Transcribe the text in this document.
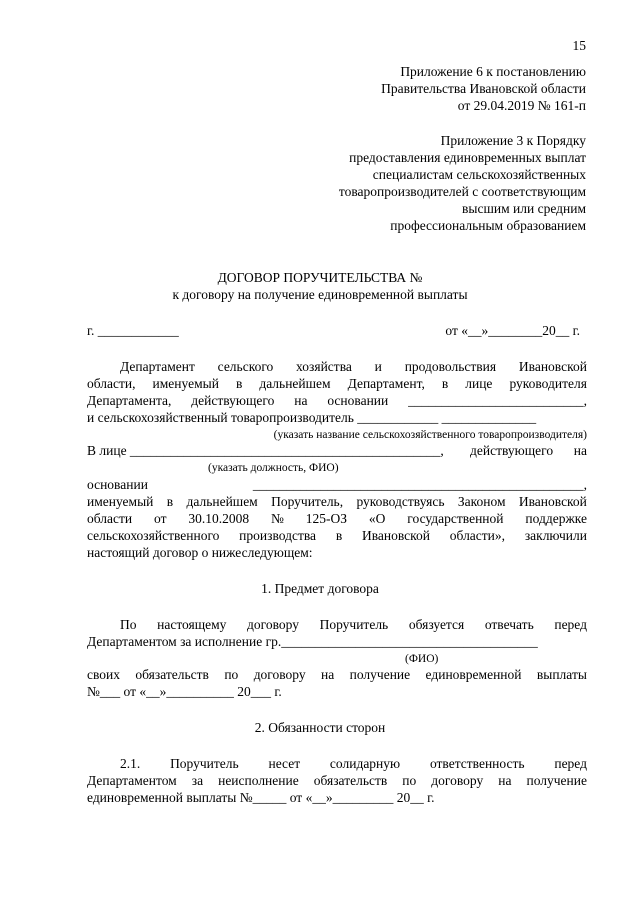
15
Приложение 6 к постановлению
Правительства Ивановской области
от 29.04.2019 № 161-п
Приложение 3 к Порядку
предоставления единовременных выплат
специалистам сельскохозяйственных
товаропроизводителей с соответствующим
высшим или средним
профессиональным образованием
ДОГОВОР ПОРУЧИТЕЛЬСТВА №
к договору на получение единовременной выплаты
г. ____________	от «__»________20__ г.
Департамент сельского хозяйства и продовольствия Ивановской
области, именуемый в дальнейшем Департамент, в лице руководителя
Департамента, действующего на основании __________________________,
и сельскохозяйственный товаропроизводитель ____________ ______________
(указать название сельскохозяйственного товаропроизводителя)
В лице ______________________________________________, действующего на
(указать должность, ФИО)
основании	_________________________________________________,
именуемый в дальнейшем Поручитель, руководствуясь Законом Ивановской
области от 30.10.2008 № 125-ОЗ «О государственной поддержке
сельскохозяйственного производства в Ивановской области», заключили
настоящий договор о нижеследующем:
1. Предмет договора
По настоящему договору Поручитель обязуется отвечать перед
Департаментом за исполнение гр.______________________________________
(ФИО)
своих обязательств по договору на получение единовременной выплаты
№___ от «__»__________ 20___ г.
2. Обязанности сторон
2.1. Поручитель несет солидарную ответственность перед
Департаментом за неисполнение обязательств по договору на получение
единовременной выплаты №_____ от «__»_________ 20__ г.
